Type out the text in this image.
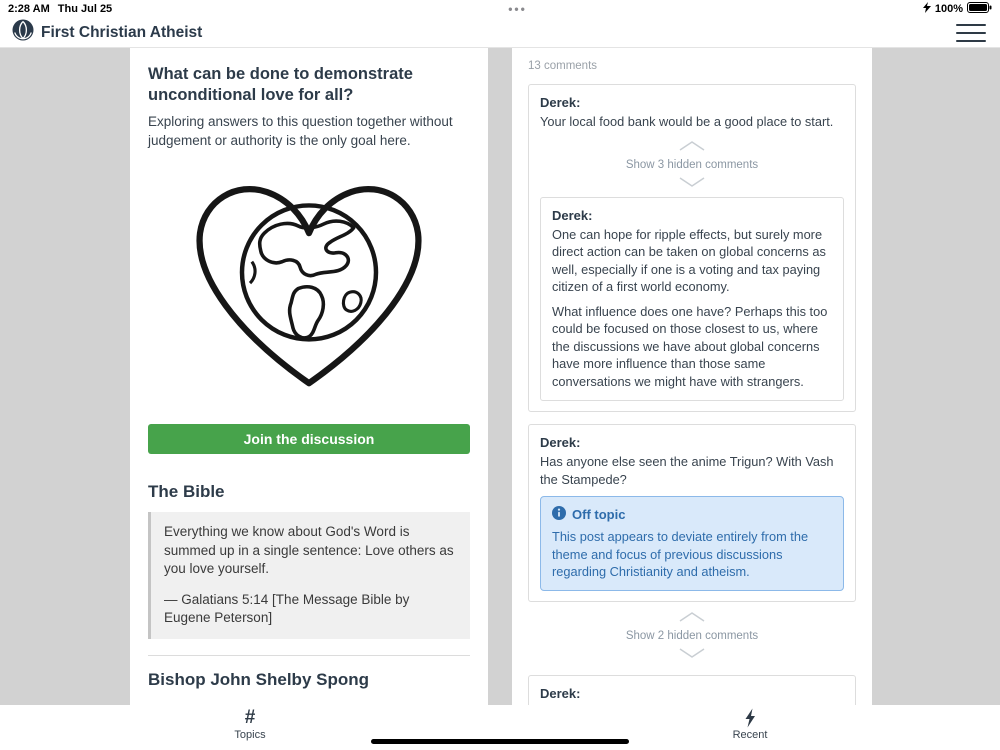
2:28 AM Thu Jul 25	•••	100%
First Christian Atheist
What can be done to demonstrate unconditional love for all?

Exploring answers to this question together without judgement or authority is the only goal here.

Join the discussion
The Bible

Everything we know about God's Word is summed up in a single sentence: Love others as you love yourself.

— Galatians 5:14 [The Message Bible by Eugene Peterson]

Bishop John Shelby Spong
13 comments
Derek:
Your local food bank would be a good place to start.
Show 3 hidden comments
Derek:
One can hope for ripple effects, but surely more direct action can be taken on global concerns as well, especially if one is a voting and tax paying citizen of a first world economy.
What influence does one have? Perhaps this too could be focused on those closest to us, where the discussions we have about global concerns have more influence than those same conversations we might have with strangers.
Derek:
Has anyone else seen the anime Trigun? With Vash the Stampede?
Off topic
This post appears to deviate entirely from the theme and focus of previous discussions regarding Christianity and atheism.
Show 2 hidden comments
Derek:
#
Topics	Recent
